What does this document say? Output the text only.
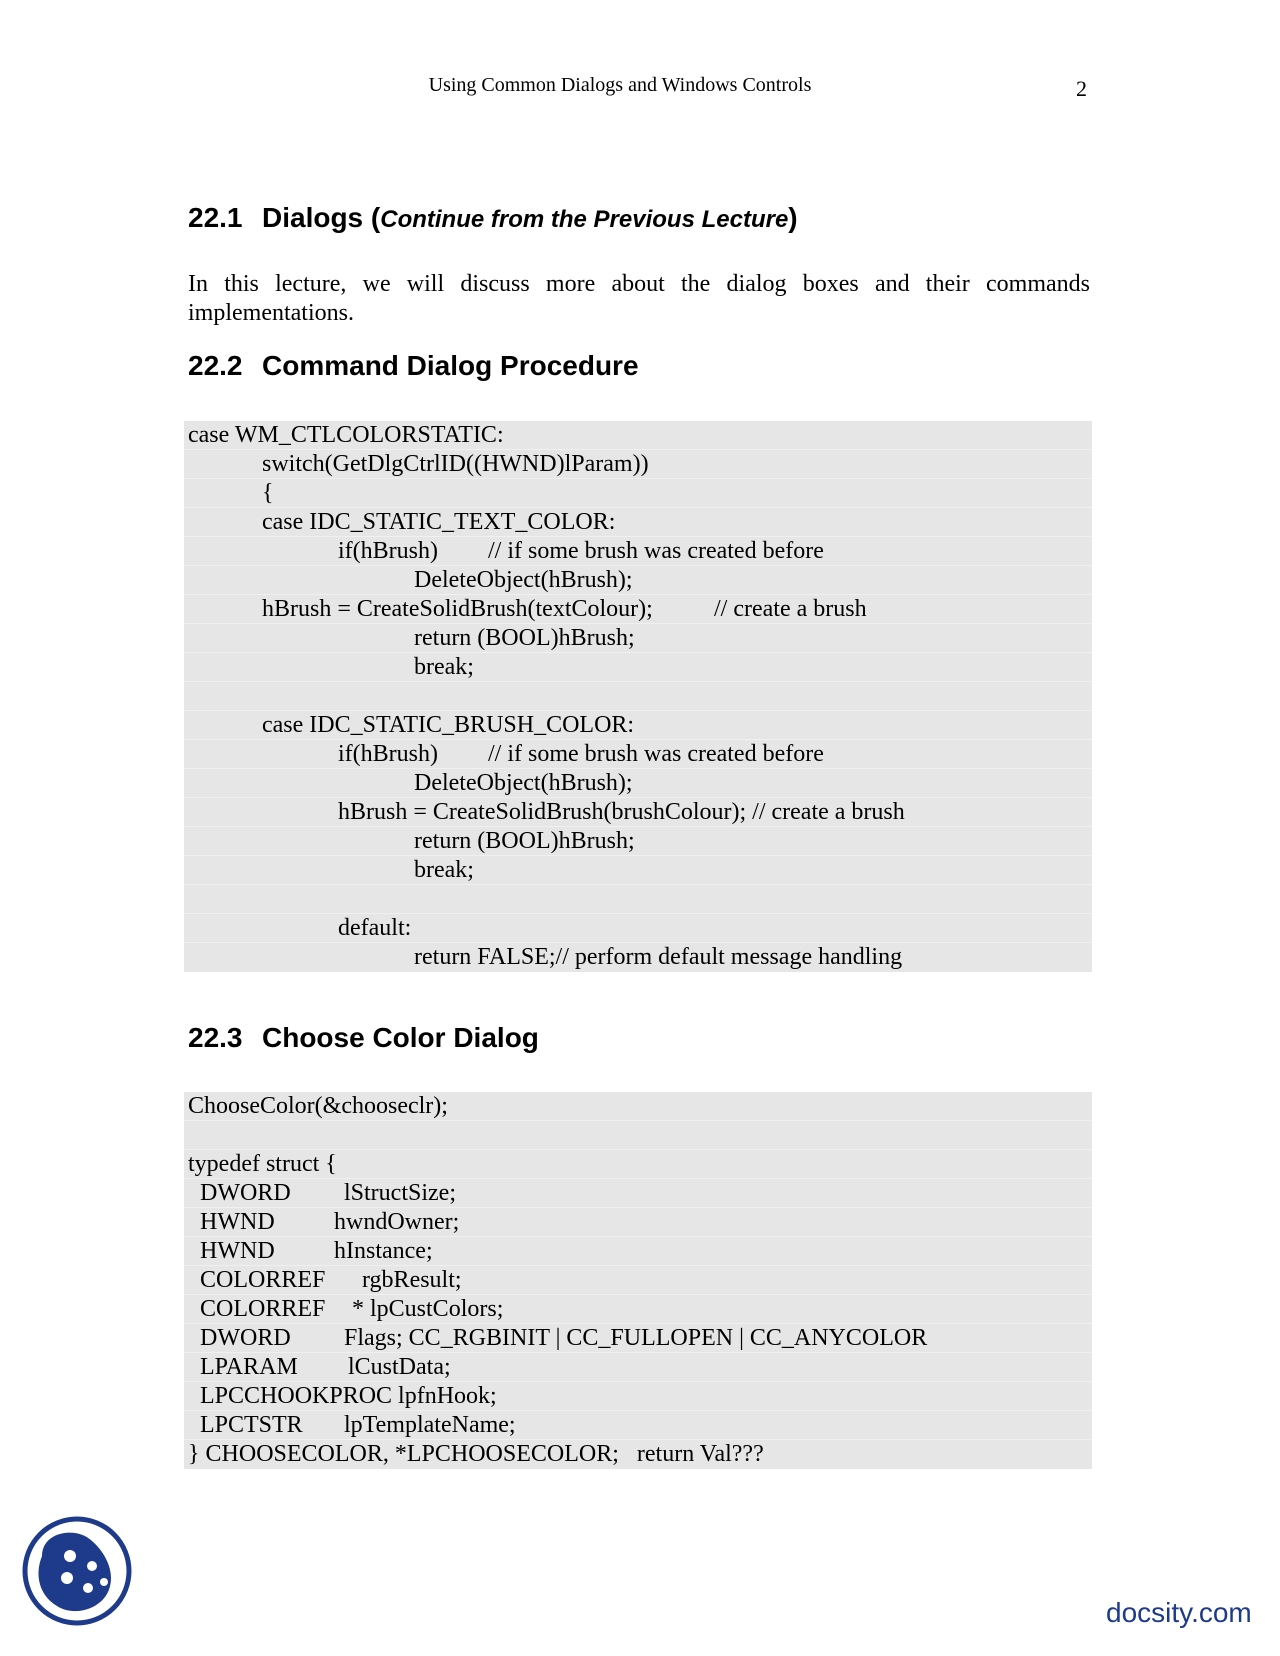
Using Common Dialogs and Windows Controls	2
22.1 Dialogs (Continue from the Previous Lecture)
In this lecture, we will discuss more about the dialog boxes and their commands implementations.
22.2 Command Dialog Procedure
case WM_CTLCOLORSTATIC:
switch(GetDlgCtrlID((HWND)lParam))
{
case IDC_STATIC_TEXT_COLOR:
if(hBrush) // if some brush was created before
DeleteObject(hBrush);
hBrush = CreateSolidBrush(textColour);	// create a brush
return (BOOL)hBrush;
break;
case IDC_STATIC_BRUSH_COLOR:
if(hBrush) // if some brush was created before
DeleteObject(hBrush);
hBrush = CreateSolidBrush(brushColour); // create a brush
return (BOOL)hBrush;
break;
default:
return FALSE;// perform default message handling
22.3 Choose Color Dialog
ChooseColor(&chooseclr);
typedef struct {
DWORD lStructSize;
HWND hwndOwner;
HWND hInstance;
COLORREF rgbResult;
COLORREF * lpCustColors;
DWORD Flags; CC_RGBINIT | CC_FULLOPEN | CC_ANYCOLOR
LPARAM lCustData;
LPCCHOOKPROC lpfnHook;
LPCTSTR lpTemplateName;
} CHOOSECOLOR, *LPCHOOSECOLOR;   return Val???
docsity.com
